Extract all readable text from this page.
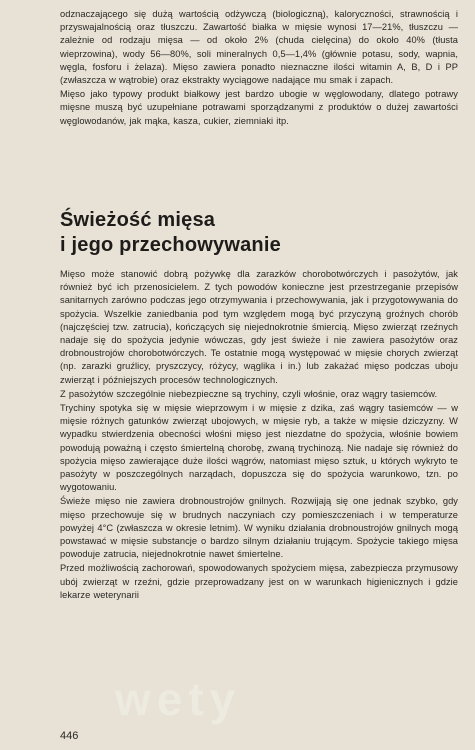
odznaczającego się dużą wartością odżywczą (biologiczną), kaloryczności, strawnością i przyswajalnością oraz tłuszczu. Zawartość białka w mięsie wynosi 17—21%, tłuszczu — zależnie od rodzaju mięsa — od około 2% (chuda cielęcina) do około 40% (tłusta wieprzowina), wody 56—80%, soli mineralnych 0,5—1,4% (głównie potasu, sody, wapnia, węgla, fosforu i żelaza). Mięso zawiera ponadto nieznaczne ilości witamin A, B, D i PP (zwłaszcza w wątrobie) oraz ekstrakty wyciągowe nadające mu smak i zapach.

Mięso jako typowy produkt białkowy jest bardzo ubogie w węglowodany, dlatego potrawy mięsne muszą być uzupełniane potrawami sporządzanymi z produktów o dużej zawartości węglowodanów, jak mąka, kasza, cukier, ziemniaki itp.

Świeżość mięsa
i jego przechowywanie

Mięso może stanowić dobrą pożywkę dla zarazków chorobotwórczych i pasożytów, jak również być ich przenosicielem. Z tych powodów konieczne jest przestrzeganie przepisów sanitarnych zarówno podczas jego otrzymywania i przechowywania, jak i przygotowywania do spożycia. Wszelkie zaniedbania pod tym względem mogą być przyczyną groźnych chorób (najczęściej tzw. zatrucia), kończących się niejednokrotnie śmiercią. Mięso zwierząt rzeźnych nadaje się do spożycia jedynie wówczas, gdy jest świeże i nie zawiera pasożytów oraz drobnoustrojów chorobotwórczych. Te ostatnie mogą występować w mięsie chorych zwierząt (np. zarazki gruźlicy, pryszczycy, różycy, wąglika i in.) lub zakażać mięso podczas uboju zwierząt i późniejszych procesów technologicznych.

Z pasożytów szczególnie niebezpieczne są trychiny, czyli włośnie, oraz wągry tasiemców.

Trychiny spotyka się w mięsie wieprzowym i w mięsie z dzika, zaś wągry tasiemców — w mięsie różnych gatunków zwierząt ubojowych, w mięsie ryb, a także w mięsie dziczyzny. W wypadku stwierdzenia obecności włośni mięso jest niezdatne do spożycia, włośnie bowiem powodują poważną i często śmiertelną chorobę, zwaną trychinozą. Nie nadaje się również do spożycia mięso zawierające duże ilości wągrów, natomiast mięso sztuk, u których wykryto te pasożyty w poszczególnych narządach, dopuszcza się do spożycia warunkowo, tzn. po wygotowaniu.

Świeże mięso nie zawiera drobnoustrojów gnilnych. Rozwijają się one jednak szybko, gdy mięso przechowuje się w brudnych naczyniach czy pomieszczeniach i w temperaturze powyżej 4°C (zwłaszcza w okresie letnim). W wyniku działania drobnoustrojów gnilnych mogą powstawać w mięsie substancje o bardzo silnym działaniu trującym. Spożycie takiego mięsa powoduje zatrucia, niejednokrotnie nawet śmiertelne.

Przed możliwością zachorowań, spowodowanych spożyciem mięsa, zabezpiecza przymusowy ubój zwierząt w rzeźni, gdzie przeprowadzany jest on w warunkach higienicznych i gdzie lekarze weterynarii

wety
446
